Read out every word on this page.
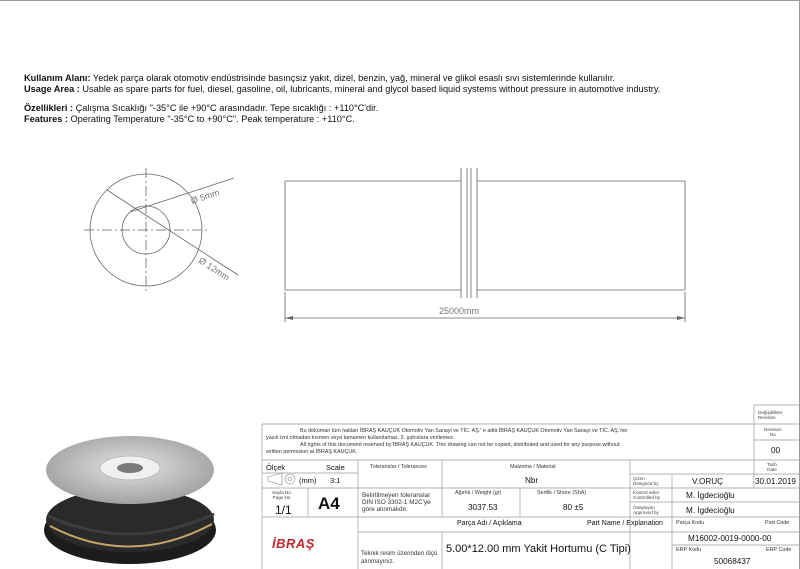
Kullanım Alanı: Yedek parça olarak otomotiv endüstrisinde basınçsız yakıt, dizel, benzin, yağ, mineral ve glikol esaslı sıvı sistemlerinde kullanılır.

Usage Area : Usable as spare parts for fuel, diesel, gasoline, oil, lubricants, mineral and glycol based liquid systems without pressure in automotive industry.

Özellikleri : Çalışma Sıcaklığı "-35°C ile +90°C arasındadır. Tepe sıcaklığı : +110°C'dir.

Features : Operating Temperature "-35°C to +90°C". Peak temperature : +110°C.

Ø 5mm
Ø 12mm
25000mm
Değişiklikler
Revision
Revision
No
00
Tarih
Date
Bu döküman tüm hakları İBRAŞ KAUÇUK Otomotiv Yan Sanayi ve TİC. AŞ.' e aittir.İBRAŞ KAUÇUK Otomotiv Yan Sanayi ve TİC. AŞ.'nin
yazılı izni olmadan kısmen veya tamamen kullanılamaz, 3. şahıslara verilemez.
All rights of this document reserved by İBRAŞ KAUÇUK. This drawing can not be copied, distributed and used for any purpose without
written permssion at İBRAŞ KAUÇUK.
Ölçek	Scale
(mm) 3:1
Sayfa No
Page No
1/1 A4
Toleranslar / Tolerances
Belirtilmeyen toleranslar
DIN ISO 3302-1 M2C'ye
göre alınmalıdır.
Malzeme / Material
Nbr
Ağırlık / Weight (gr)
3037.53
Sertlik / Shore (ShA)
80 ±5
Parça Adı / Açıklama	Part Name / Explanation
5.00*12.00 mm Yakit Hortumu (C Tipi)
Teknik resim üzerinden ölçü
alınmayınız.
Çizen
Designed by	V.ORUÇ	30.01.2019
Kontrol eden
Controlled by	M. İgdecioğlu
Onaylayan
Approved by	M. İgdecioğlu
Parça Kodu	Part Code
M16002-0019-0000-00
ERP Kodu	ERP Code
50068437
İBRAŞ
